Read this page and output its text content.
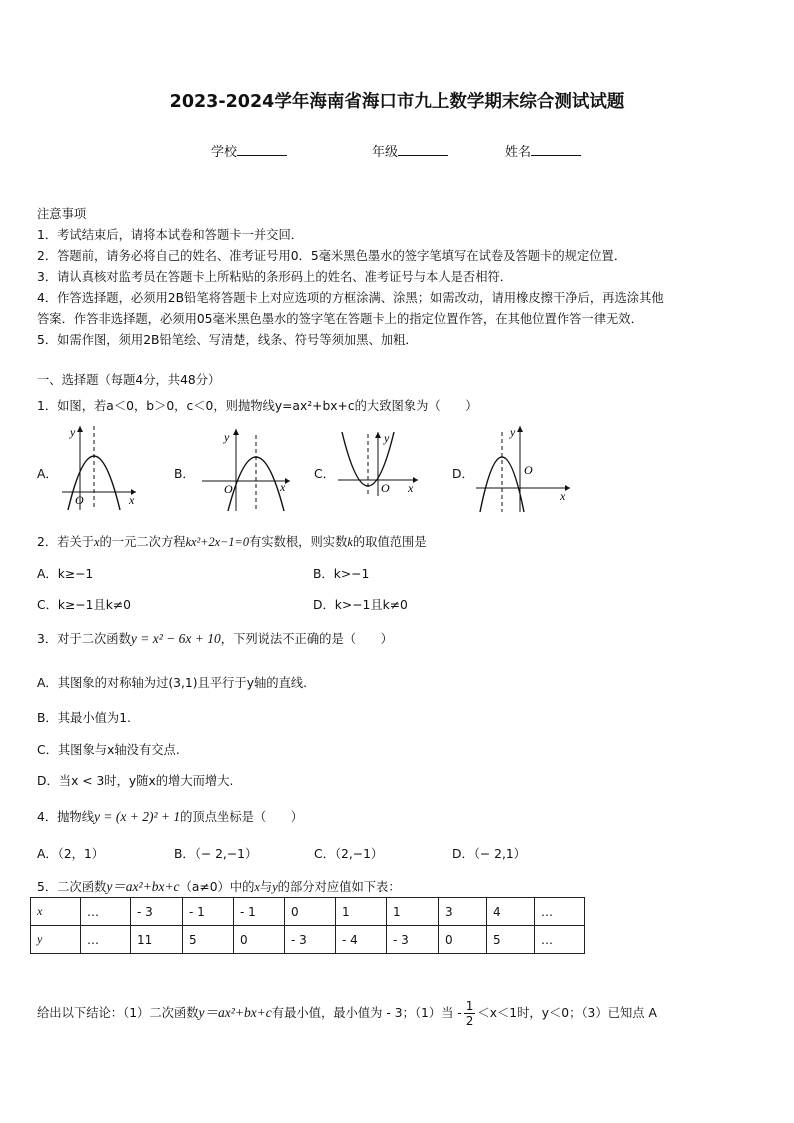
2023-2024学年海南省海口市九上数学期末综合测试试题
学校	年级	姓名
注意事项
1．考试结束后，请将本试卷和答题卡一并交回．
2．答题前，请务必将自己的姓名、准考证号用0．5毫米黑色墨水的签字笔填写在试卷及答题卡的规定位置．
3．请认真核对监考员在答题卡上所粘贴的条形码上的姓名、准考证号与本人是否相符．
4．作答选择题，必须用2B铅笔将答题卡上对应选项的方框涂满、涂黑；如需改动，请用橡皮擦干净后，再选涂其他
答案．作答非选择题，必须用05毫米黑色墨水的签字笔在答题卡上的指定位置作答，在其他位置作答一律无效．
5．如需作图，须用2B铅笔绘、写清楚，线条、符号等须加黑、加粗．
一、选择题（每题4分，共48分）
1．如图，若a＜0，b＞0，c＜0，则抛物线y=ax²+bx+c的大致图象为（　　）
A．
y
x
O
B．
y
x
O
C．
y
x
O
D．
y
x
O
2．若关于x的一元二次方程kx²+2x−1=0有实数根，则实数k的取值范围是
A．k≥−1	B．k>−1
C．k≥−1且k≠0	D．k>−1且k≠0
3．对于二次函数y = x² − 6x + 10，下列说法不正确的是（　　）
A．其图象的对称轴为过(3,1)且平行于y轴的直线.
B．其最小值为1.
C．其图象与x轴没有交点.
D．当x < 3时，y随x的增大而增大.
4．抛物线y = (x + 2)² + 1的顶点坐标是（　　）
A．（2，1）	B．（− 2,−1）	C．（2,−1）	D．（− 2,1）
5．二次函数y＝ax²+bx+c（a≠0）中的x与y的部分对应值如下表：
x	…	- 3	- 1	- 1	0	1	1	3	4	…
y	…	11	5	0	- 3	- 4	- 3	0	5	…
给出以下结论：（1）二次函数y＝ax²+bx+c有最小值，最小值为 - 3；（1）当 - $\frac{1}{2} <x<1$时，y＜0；（3）已知点 A
